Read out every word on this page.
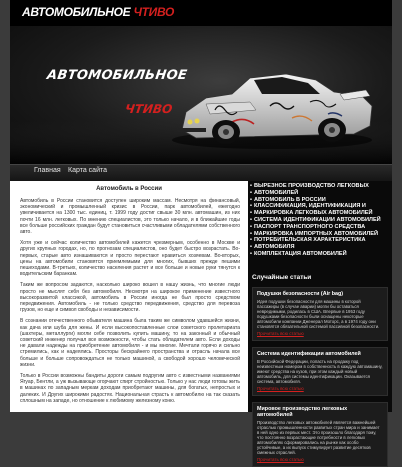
АВТОМОБИЛЬНОЕ ЧТИВО
АВТОМОБИЛЬНОЕ
ЧТИВО
Главная Карта сайта
Автомобиль в России

Автомобиль в России становится доступен широким массам. Несмотря на финансовый, экономический и промышленный кризис в России, парк автомобилей, ежегодно увеличивается на 1300 тыс. единиц, т. 1999 году достиг свыше 30 млн. автомашин, из них почти 16 млн. легковых. По мнению специалистов, это только начало, и в ближайшие годы все больше российских граждан будут становиться счастливыми обладателями собственного авто.

Хотя уже и сейчас количество автомобилей кажется чрезмерным, особенно в Москве и других крупных городах, но, по прогнозам специалистов, оно будет быстро возрастать. Во-первых, старые авто изнашиваются и просто перестают нравиться хозяевам. Во-вторых, цены на автомобили становятся приемлемыми для многих, бывших прежде пешими пешеходами. В-третьих, количество населения растет и все больше и новые руки тянутся к водительским баранкам.

Таким же вопросом задаются, насколько широко вошел в нашу жизнь, что многие люди просто не мыслят себя без автомобиля. Несмотря на широкое применение известного высокоразвитой классикой, автомобиль в России иногда не был просто средством передвижения. Автомобиль - не только средство передвижения, средство для перевоза грузов, но еще и символ свободы и независимости.

В сознании отечественного обывателя машина была таким же символом удавшейся жизни, как дача или шуба для жены. И если высокопоставленные слои советского пролетариата (шахтеры, металлурги) могли себе позволить купить машину, то на законный и обычный советский инженер получал все возможности, чтобы стать обладателем авто. Если доходы не давали надежды на приобретение автомобиля - и мы многие. Мечтали горячо и сильно стремились, как и надеялись. Просторы бескрайнего пространства и отрасль начала все больше и больше сопровождаться не только машиной, а свободой хорошо человеческой жизни.

Только в России возможны бандиты дороги самым подругим авто с известными названиями Ягуар, Бентли, а уж вызывающе огорчают спирт стройностью. Только у нас люди готовы жить в машинах по западным меркам доходам приобретают машины, для богатых, непростых и далеких. И Других широкими радостях. Национальная страсть к автомобилю на так сказать сплошным на западе, но отношение к любимому железному коню.

• ВЫРЕЗНОЕ ПРОИЗВОДСТВО ЛЕГКОВЫХ
• АВТОМОБИЛЕЙ
• АВТОМОБИЛЬ В РОССИИ
• КЛАССИФИКАЦИЯ, ИДЕНТИФИКАЦИЯ И
• МАРКИРОВКА ЛЕГКОВЫХ АВТОМОБИЛЕЙ
• СИСТЕМА ИДЕНТИФИКАЦИИ АВТОМОБИЛЕЙ
• ПАСПОРТ ТРАНСПОРТНОГО СРЕДСТВА
• МАРКИРОВКА ИМПОРТНЫХ АВТОМОБИЛЕЙ
• ПОТРЕБИТЕЛЬСКАЯ ХАРАКТЕРИСТИКА
• АВТОМОБИЛЯ
• КОМПЛЕКТАЦИЯ АВТОМОБИЛЕЙ
Случайные статьи
Подушки безопасности (Air bag)
Идея подушки безопасности для машины в которой пассажиры (в случае аварии) могли бы оставаться невредимыми, родилась в США. Впервые в 1953 году подушками безопасности были оснащены некоторые автомобили компании Дженерал Моторс, а в 1974 году они становятся обязательной системой пассивной безопасности.
Прочитать всю статью
Система идентификации автомобилей
В Российской Федерации, попасть на продажу под неизвестным номером в собственность в каждую автомашину, имеют средства на кузов, при этом каждый новый автомобиль, для системы идентификации. Оказывается система, автомобиля.
Прочитать всю статью
Мировое производство легковых автомобилей
Производство легковых автомобилей является важнейшей отраслью промышленности развитых стран мира и занимает в ней одно из первых мест. Это произошло благодаря тому, что постоянно возрастающие потребности в легковых автомобилях сформировались на рынке как особо устойчивые, а их выпуск стимулирует развитие десятков смежных отраслей.
Прочитать всю статью
